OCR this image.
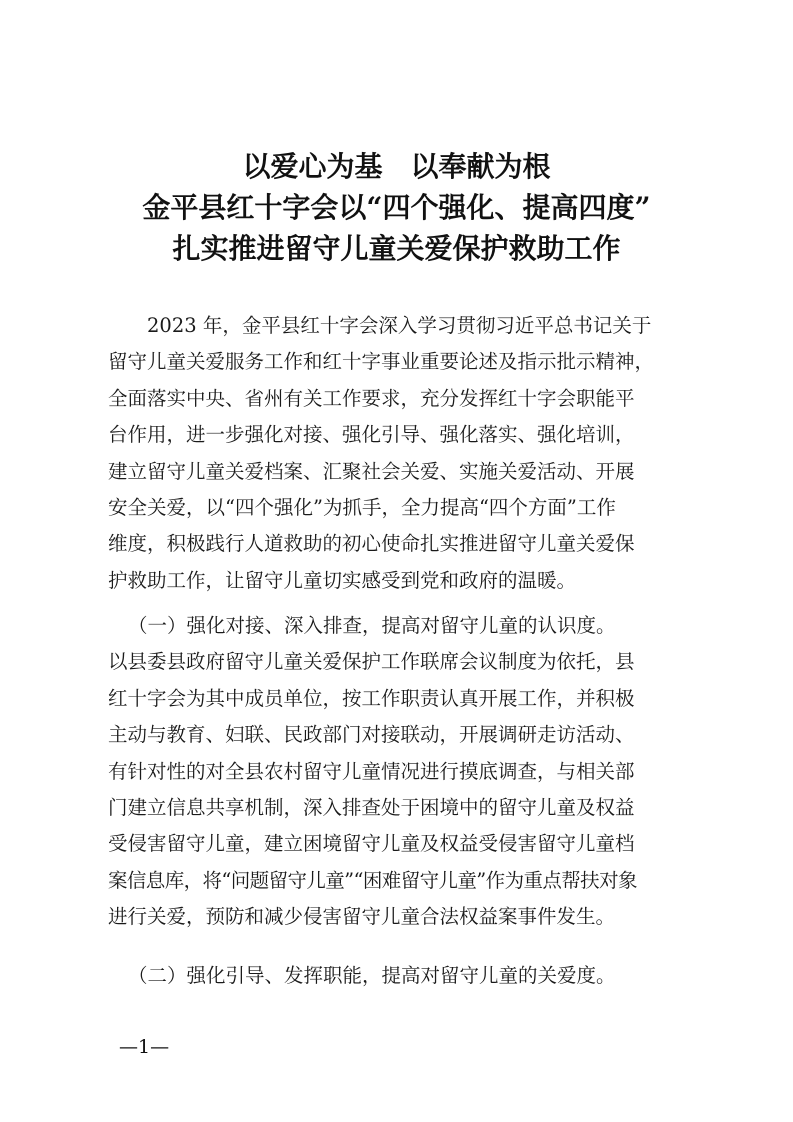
以爱心为基　以奉献为根
金平县红十字会以“四个强化、提高四度”
扎实推进留守儿童关爱保护救助工作
2023 年，金平县红十字会深入学习贯彻习近平总书记关于
留守儿童关爱服务工作和红十字事业重要论述及指示批示精神，
全面落实中央、省州有关工作要求，充分发挥红十字会职能平
台作用，进一步强化对接、强化引导、强化落实、强化培训，
建立留守儿童关爱档案、汇聚社会关爱、实施关爱活动、开展
安全关爱，以“四个强化”为抓手，全力提高“四个方面”工作
维度，积极践行人道救助的初心使命扎实推进留守儿童关爱保
护救助工作，让留守儿童切实感受到党和政府的温暖。
（一）强化对接、深入排查，提高对留守儿童的认识度。
以县委县政府留守儿童关爱保护工作联席会议制度为依托，县
红十字会为其中成员单位，按工作职责认真开展工作，并积极
主动与教育、妇联、民政部门对接联动，开展调研走访活动、
有针对性的对全县农村留守儿童情况进行摸底调查，与相关部
门建立信息共享机制，深入排查处于困境中的留守儿童及权益
受侵害留守儿童，建立困境留守儿童及权益受侵害留守儿童档
案信息库，将“问题留守儿童”“困难留守儿童”作为重点帮扶对象
进行关爱，预防和减少侵害留守儿童合法权益案事件发生。
（二）强化引导、发挥职能，提高对留守儿童的关爱度。
—1—
